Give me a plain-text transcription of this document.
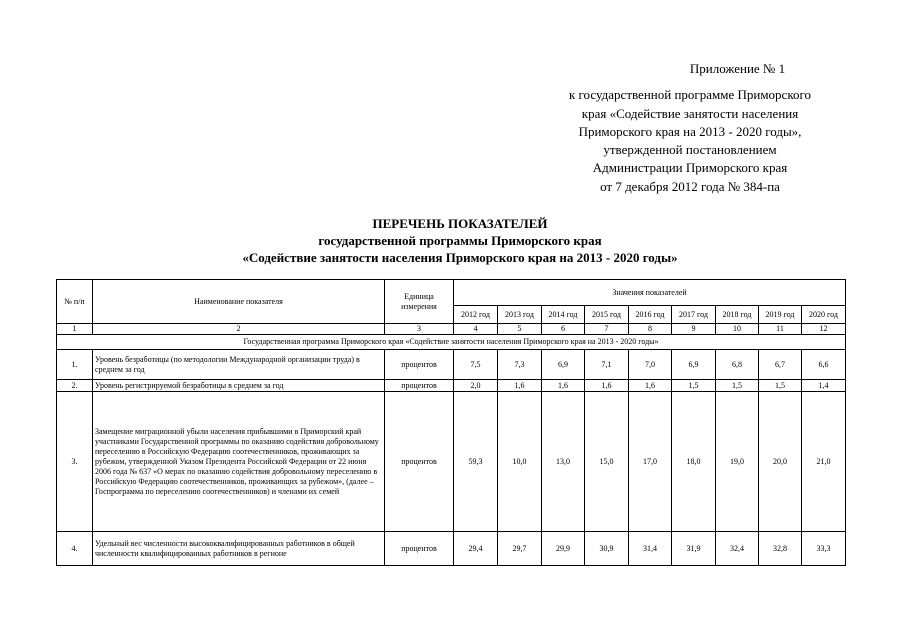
Приложение № 1
к государственной программе Приморского
края «Содействие занятости населения
Приморского края на 2013 - 2020 годы»,
утвержденной постановлением
Администрации Приморского края
от 7 декабря 2012 года № 384-па
ПЕРЕЧЕНЬ ПОКАЗАТЕЛЕЙ
государственной программы Приморского края
«Содействие занятости населения Приморского края на 2013 - 2020 годы»
№ п/п	Наименование показателя	Единица измерения	Значения показателей								
			2012 год	2013 год	2014 год	2015 год	2016 год	2017 год	2018 год	2019 год	2020 год
1	2	3	4	5	6	7	8	9	10	11	12
Государственная программа Приморского края «Содействие занятости населения Приморского края на 2013 - 2020 годы»											
1.	Уровень безработицы (по методологии Международной организации труда) в среднем за год	процентов	7,5	7,3	6,9	7,1	7,0	6,9	6,8	6,7	6,6
2.	Уровень регистрируемой безработицы в среднем за год	процентов	2,0	1,6	1,6	1,6	1,6	1,5	1,5	1,5	1,4
3.	Замещение миграционной убыли населения прибывшими в Приморский край участниками Государственной программы по оказанию содействия добровольному переселению в Российскую Федерацию соотечественников, проживающих за рубежом, утвержденной Указом Президента Российской Федерации от 22 июня 2006 года № 637 «О мерах по оказанию содействия добровольному переселению в Российскую Федерацию соотечественников, проживающих за рубежом», (далее – Госпрограмма по переселению соотечественников) и членами их семей	процентов	59,3	10,0	13,0	15,0	17,0	18,0	19,0	20,0	21,0
4.	Удельный вес численности высококвалифицированных работников в общей численности квалифицированных работников в регионе	процентов	29,4	29,7	29,9	30,9	31,4	31,9	32,4	32,8	33,3
